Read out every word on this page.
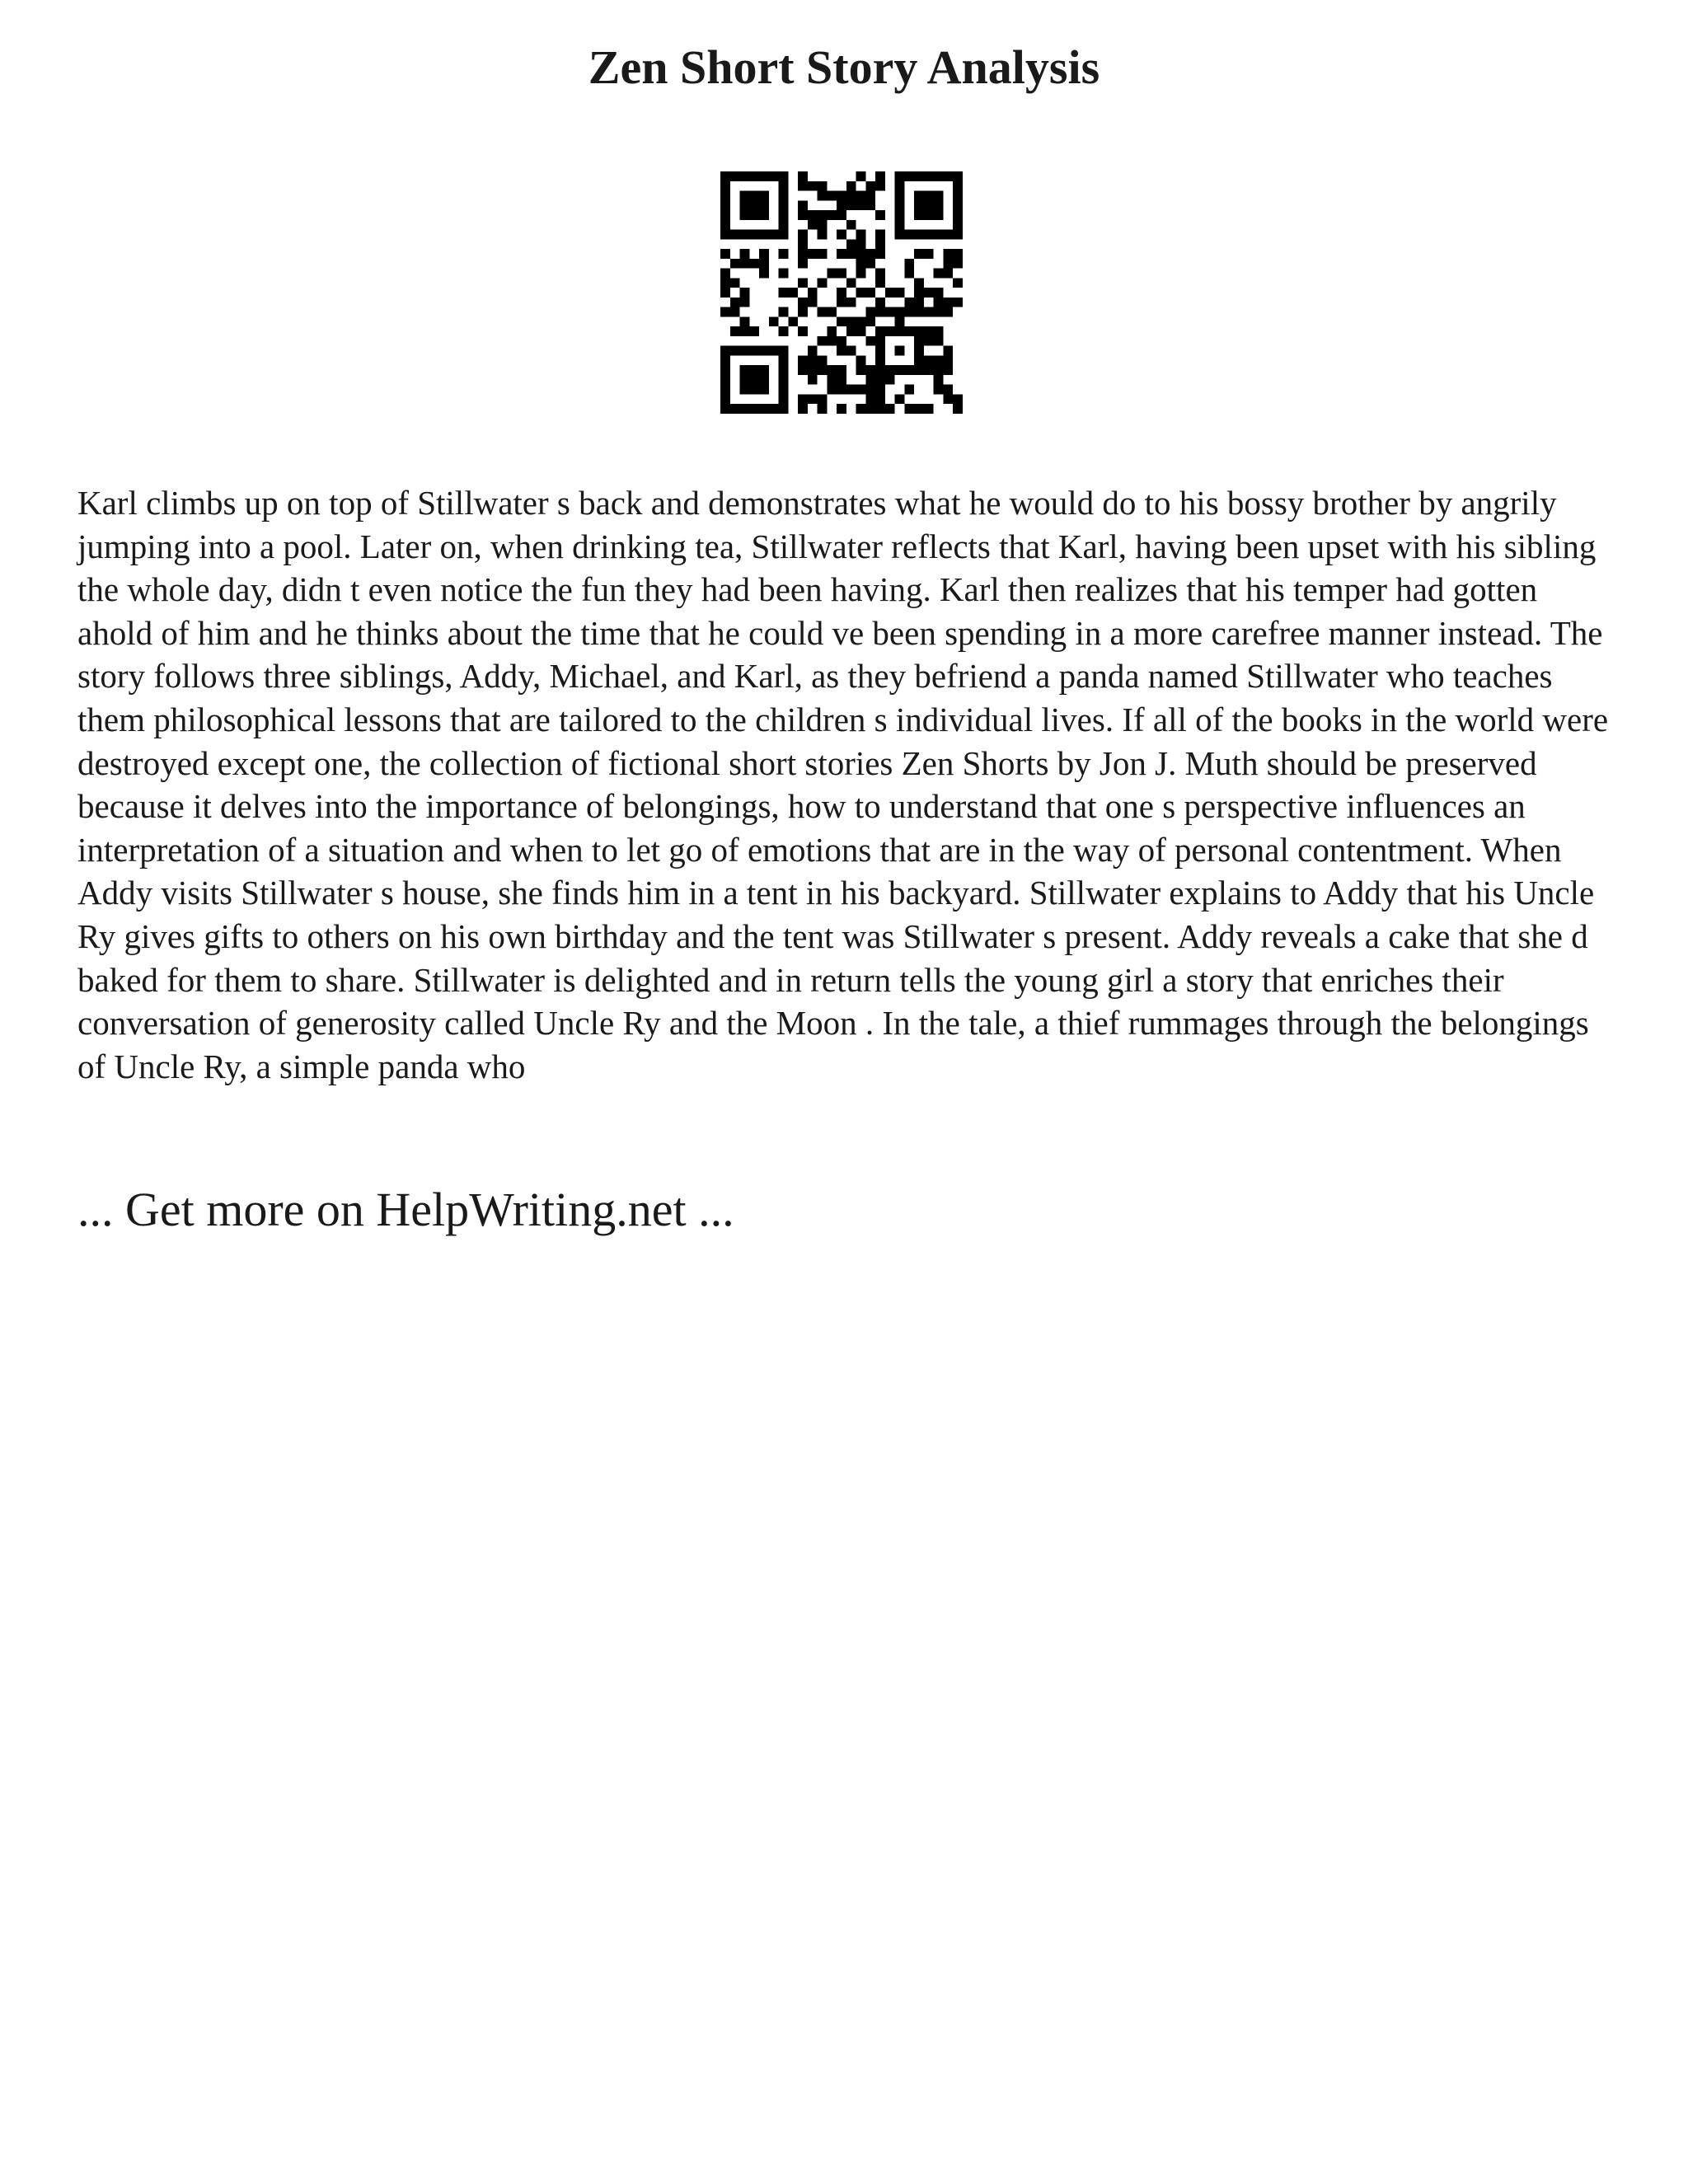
Zen Short Story Analysis

Karl climbs up on top of Stillwater s back and demonstrates what he would do to his bossy brother by angrily jumping into a pool. Later on, when drinking tea, Stillwater reflects that Karl, having been upset with his sibling the whole day, didn t even notice the fun they had been having. Karl then realizes that his temper had gotten ahold of him and he thinks about the time that he could ve been spending in a more carefree manner instead. The story follows three siblings, Addy, Michael, and Karl, as they befriend a panda named Stillwater who teaches them philosophical lessons that are tailored to the children s individual lives. If all of the books in the world were destroyed except one, the collection of fictional short stories Zen Shorts by Jon J. Muth should be preserved because it delves into the importance of belongings, how to understand that one s perspective influences an interpretation of a situation and when to let go of emotions that are in the way of personal contentment. When Addy visits Stillwater s house, she finds him in a tent in his backyard. Stillwater explains to Addy that his Uncle Ry gives gifts to others on his own birthday and the tent was Stillwater s present. Addy reveals a cake that she d baked for them to share. Stillwater is delighted and in return tells the young girl a story that enriches their conversation of generosity called Uncle Ry and the Moon . In the tale, a thief rummages through the belongings of Uncle Ry, a simple panda who

... Get more on HelpWriting.net ...
